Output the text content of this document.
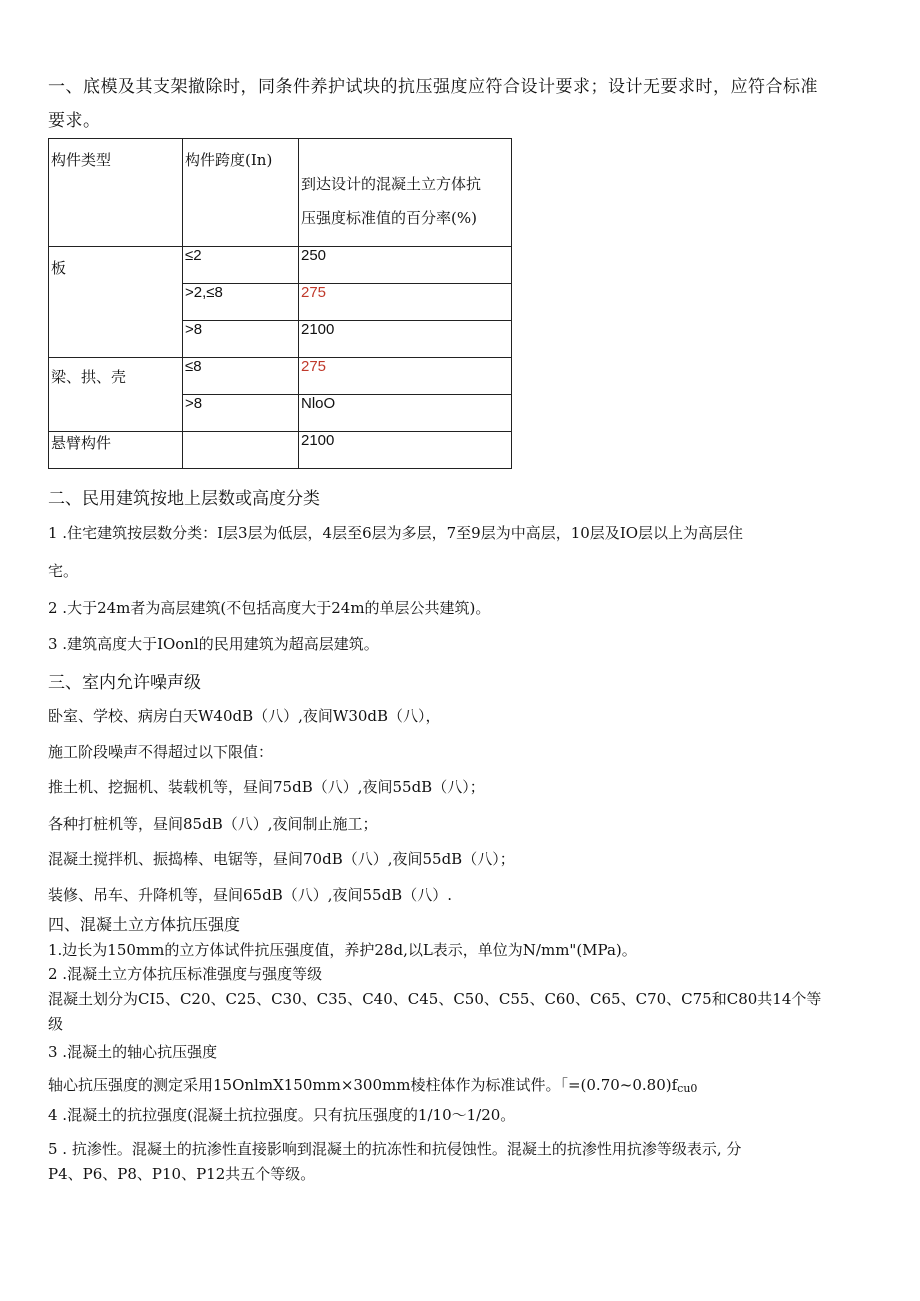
一、底模及其支架撤除时，同条件养护试块的抗压强度应符合设计要求；设计无要求时，应符合标准
要求。
构件类型	构件跨度(In)	到达设计的混凝土立方体抗
压强度标准值的百分率(%)

板	≤2	250
	>2,≤8	275
	>8	2100
梁、拱、壳	≤8	275
	>8	NloO
悬臂构件		2100
二、民用建筑按地上层数或高度分类
1 .住宅建筑按层数分类：I层3层为低层，4层至6层为多层，7至9层为中高层，10层及IO层以上为高层住
宅。
2 .大于24m者为高层建筑(不包括高度大于24m的单层公共建筑)。
3 .建筑高度大于IOonl的民用建筑为超高层建筑。
三、室内允许噪声级
卧室、学校、病房白天W40dB（八）,夜间W30dB（八），
施工阶段噪声不得超过以下限值：
推土机、挖掘机、装载机等，昼间75dB（八）,夜间55dB（八）；
各种打桩机等，昼间85dB（八）,夜间制止施工；
混凝土搅拌机、振捣棒、电锯等，昼间70dB（八）,夜间55dB（八）；
装修、吊车、升降机等，昼间65dB（八）,夜间55dB（八）.
四、混凝土立方体抗压强度
1.边长为150mm的立方体试件抗压强度值，养护28d,以L表示，单位为N/mm"(MPa)。
2 .混凝土立方体抗压标准强度与强度等级
混凝土划分为CI5、C20、C25、C30、C35、C40、C45、C50、C55、C60、C65、C70、C75和C80共14个等
级
3 .混凝土的轴心抗压强度
轴心抗压强度的测定采用15OnlmX150mm×300mm棱柱体作为标准试件。「=(0.70~0.80)fcu0
4 .混凝土的抗拉强度(混凝土抗拉强度。只有抗压强度的1/10～1/20。
5 . 抗渗性。混凝土的抗渗性直接影响到混凝土的抗冻性和抗侵蚀性。混凝土的抗渗性用抗渗等级表示, 分
P4、P6、P8、P10、P12共五个等级。
